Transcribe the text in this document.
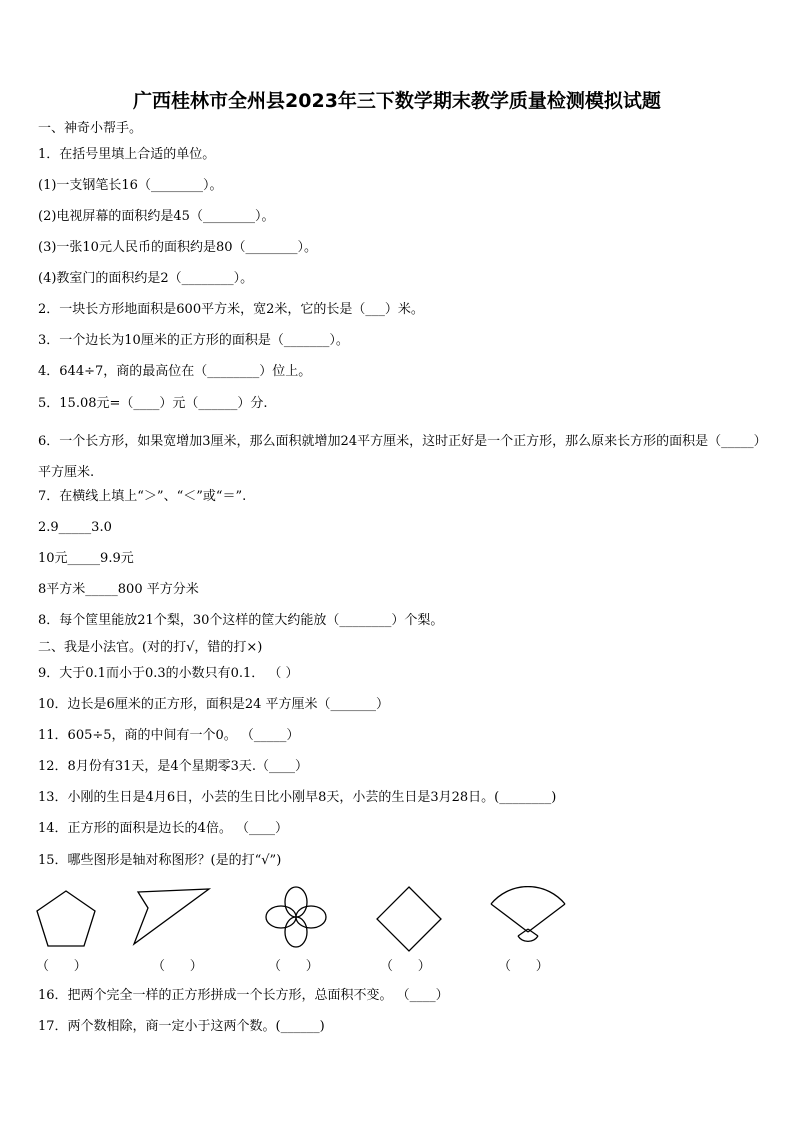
广西桂林市全州县2023年三下数学期末教学质量检测模拟试题
一、神奇小帮手。
1．在括号里填上合适的单位。
(1)一支钢笔长16（________）。
(2)电视屏幕的面积约是45（________）。
(3)一张10元人民币的面积约是80（________）。
(4)教室门的面积约是2（________）。
2．一块长方形地面积是600平方米，宽2米，它的长是（___）米。
3．一个边长为10厘米的正方形的面积是（_______）。
4．644÷7，商的最高位在（________）位上。
5．15.08元=（____）元（______）分.
6．一个长方形，如果宽增加3厘米，那么面积就增加24平方厘米，这时正好是一个正方形，那么原来长方形的面积是（_____）平方厘米.
7．在横线上填上“＞”、“＜”或“＝”.
2.9_____3.0
10元_____9.9元
8平方米_____800 平方分米
8．每个筐里能放21个梨，30个这样的筐大约能放（________）个梨。
二、我是小法官。(对的打√，错的打×)
9．大于0.1而小于0.3的小数只有0.1． （ ）
10．边长是6厘米的正方形，面积是24 平方厘米（_______）
11．605÷5，商的中间有一个0。 （_____）
12．8月份有31天，是4个星期零3天.（____）
13．小刚的生日是4月6日，小芸的生日比小刚早8天，小芸的生日是3月28日。(________)
14．正方形的面积是边长的4倍。 （____）
15．哪些图形是轴对称图形？(是的打“√”)
（      ）	（      ）	（      ）	（      ）	（      ）
16．把两个完全一样的正方形拼成一个长方形，总面积不变。 （____）
17．两个数相除，商一定小于这两个数。(______)
